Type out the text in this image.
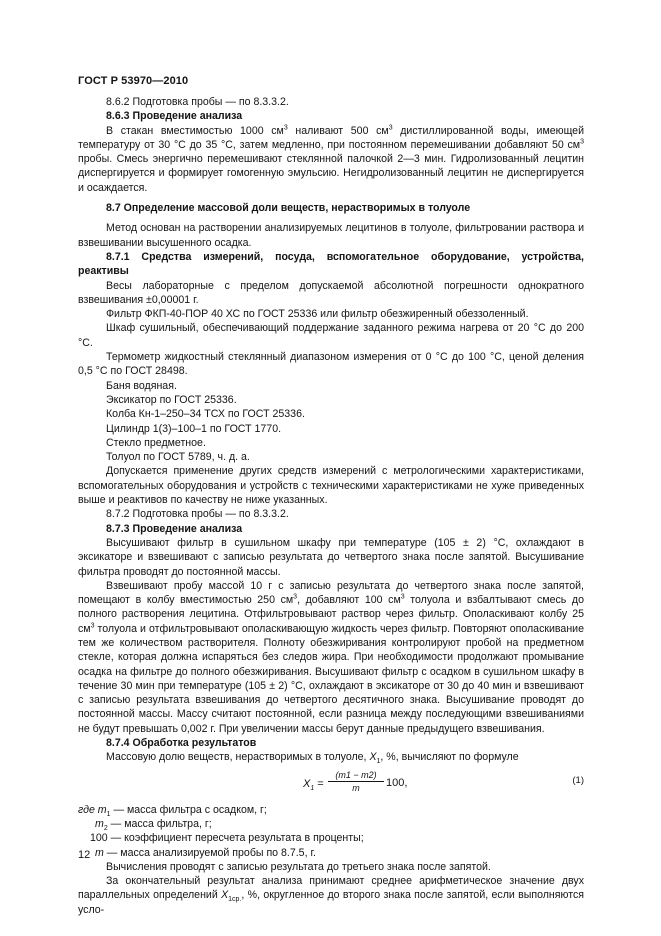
ГОСТ Р 53970—2010

8.6.2 Подготовка пробы — по 8.3.3.2.

8.6.3 Проведение анализа

В стакан вместимостью 1000 $см^3$ наливают 500 $см^3$ дистиллированной воды, имеющей температуру от 30 °С до 35 °С, затем медленно, при постоянном перемешивании добавляют 50 $см^3$ пробы. Смесь энергично перемешивают стеклянной палочкой 2—3 мин. Гидролизованный лецитин диспергируется и формирует гомогенную эмульсию. Негидролизованный лецитин не диспергируется и осаждается.

8.7 Определение массовой доли веществ, нерастворимых в толуоле

Метод основан на растворении анализируемых лецитинов в толуоле, фильтровании раствора и взвешивании высушенного осадка.

8.7.1 Средства измерений, посуда, вспомогательное оборудование, устройства, реактивы

Весы лабораторные с пределом допускаемой абсолютной погрешности однократного взвешивания ±0,00001 г.

Фильтр ФКП-40-ПОР 40 ХС по ГОСТ 25336 или фильтр обезжиренный обеззоленный.

Шкаф сушильный, обеспечивающий поддержание заданного режима нагрева от 20 °С до 200 °С.

Термометр жидкостный стеклянный диапазоном измерения от 0 °С до 100 °С, ценой деления 0,5 °С по ГОСТ 28498.

Баня водяная.

Эксикатор по ГОСТ 25336.

Колба Кн-1–250–34 ТСХ по ГОСТ 25336.

Цилиндр 1(3)–100–1 по ГОСТ 1770.

Стекло предметное.

Толуол по ГОСТ 5789, ч. д. а.

Допускается применение других средств измерений с метрологическими характеристиками, вспомогательных оборудования и устройств с техническими характеристиками не хуже приведенных выше и реактивов по качеству не ниже указанных.

8.7.2 Подготовка пробы — по 8.3.3.2.

8.7.3 Проведение анализа

Высушивают фильтр в сушильном шкафу при температуре (105 ± 2) °С, охлаждают в эксикаторе и взвешивают с записью результата до четвертого знака после запятой. Высушивание фильтра проводят до постоянной массы.

Взвешивают пробу массой 10 г с записью результата до четвертого знака после запятой, помещают в колбу вместимостью 250 $см^3$, добавляют 100 $см^3$ толуола и взбалтывают смесь до полного растворения лецитина. Отфильтровывают раствор через фильтр. Ополаскивают колбу 25 $см^3$ толуола и отфильтровывают ополаскивающую жидкость через фильтр. Повторяют ополаскивание тем же количеством растворителя. Полноту обезжиривания контролируют пробой на предметном стекле, которая должна испаряться без следов жира. При необходимости продолжают промывание осадка на фильтре до полного обезжиривания. Высушивают фильтр с осадком в сушильном шкафу в течение 30 мин при температуре (105 ± 2) °С, охлаждают в эксикаторе от 30 до 40 мин и взвешивают с записью результата взвешивания до четвертого десятичного знака. Высушивание проводят до постоянной массы. Массу считают постоянной, если разница между последующими взвешиваниями не будут превышать 0,002 г. При увеличении массы берут данные предыдущего взвешивания.

8.7.4 Обработка результатов

Массовую долю веществ, нерастворимых в толуоле, $X_1$, %, вычисляют по формуле

$X_1 = \frac{(m1 - m2)}{m} 100$,	(1)
где $m_1$ — масса фильтра с осадком, г;
$m_2$ — масса фильтра, г;
100 — коэффициент пересчета результата в проценты;
m — масса анализируемой пробы по 8.7.5, г.

Вычисления проводят с записью результата до третьего знака после запятой.

За окончательный результат анализа принимают среднее арифметическое значение двух параллельных определений $X_{1ср.}$, %, округленное до второго знака после запятой, если выполняются усло-

12
